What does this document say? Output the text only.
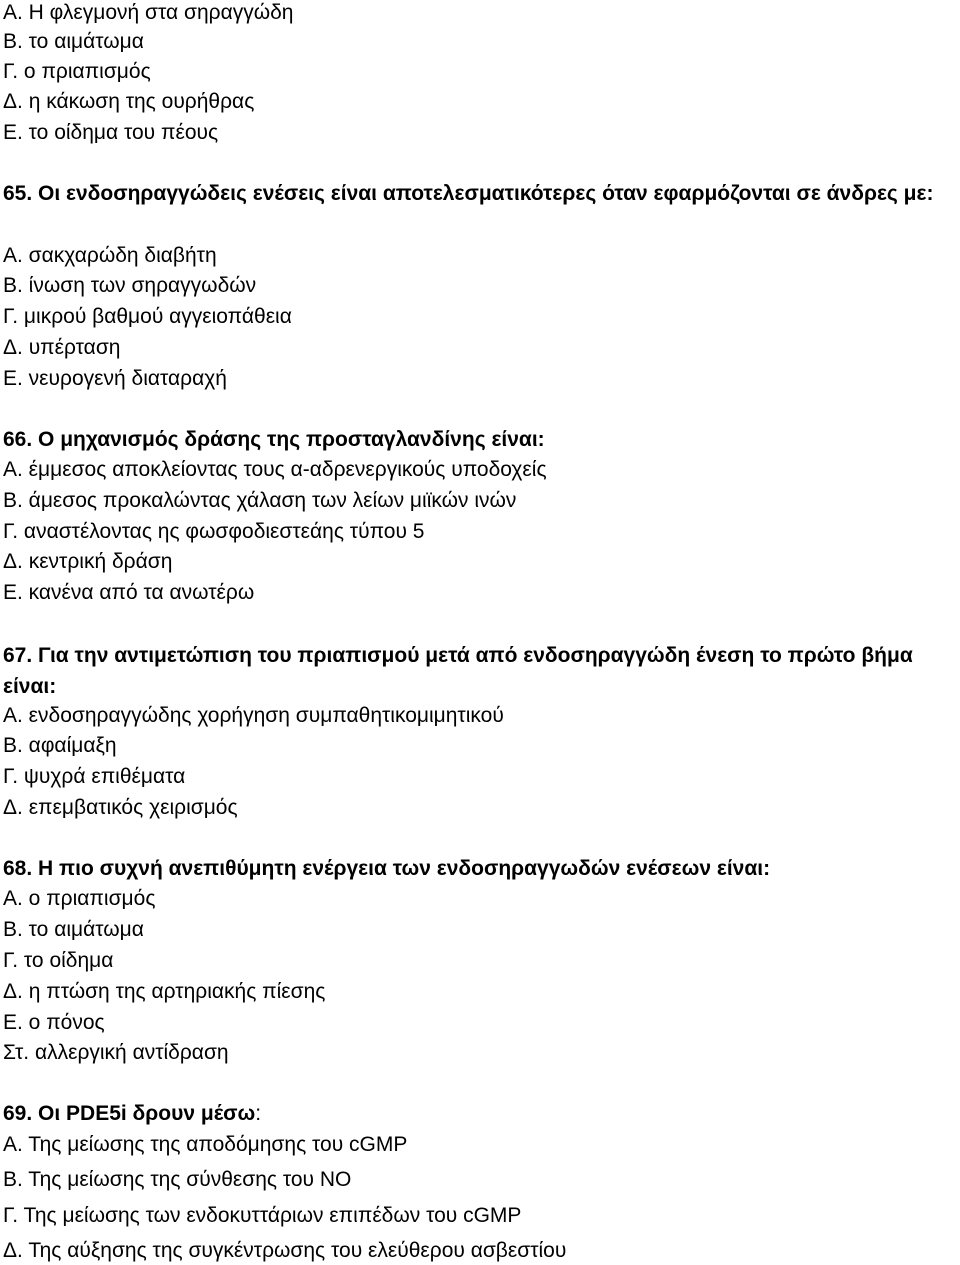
Α. Η φλεγμονή στα σηραγγώδη

Β. το αιμάτωμα

Γ. ο πριαπισμός

Δ. η κάκωση της ουρήθρας

Ε. το οίδημα του πέους

65. Οι ενδοσηραγγώδεις ενέσεις είναι αποτελεσματικότερες όταν εφαρμόζονται σε άνδρες με:

Α. σακχαρώδη διαβήτη

Β. ίνωση των σηραγγωδών

Γ. μικρού βαθμού αγγειοπάθεια

Δ. υπέρταση

Ε. νευρογενή διαταραχή

66. Ο μηχανισμός δράσης της προσταγλανδίνης είναι:

Α. έμμεσος αποκλείοντας τους α-αδρενεργικούς υποδοχείς

Β. άμεσος προκαλώντας χάλαση των λείων μιϊκών ινών

Γ. αναστέλοντας ης φωσφοδιεστεάης τύπου 5

Δ. κεντρική δράση

Ε. κανένα από τα ανωτέρω

67. Για την αντιμετώπιση του πριαπισμού μετά από ενδοσηραγγώδη ένεση το πρώτο βήμα είναι:

Α. ενδοσηραγγώδης χορήγηση συμπαθητικομιμητικού

Β. αφαίμαξη

Γ. ψυχρά επιθέματα

Δ. επεμβατικός χειρισμός

68. Η πιο συχνή ανεπιθύμητη ενέργεια των ενδοσηραγγωδών ενέσεων είναι:

Α. ο πριαπισμός

Β. το αιμάτωμα

Γ. το οίδημα

Δ. η πτώση της αρτηριακής πίεσης

Ε. ο πόνος

Στ. αλλεργική αντίδραση

69. Οι PDE5i δρουν μέσω:

Α. Της μείωσης της αποδόμησης του cGMP

Β. Της μείωσης της σύνθεσης του NO

Γ. Της μείωσης των ενδοκυττάριων επιπέδων του cGMP

Δ. Της αύξησης της συγκέντρωσης του ελεύθερου ασβεστίου
